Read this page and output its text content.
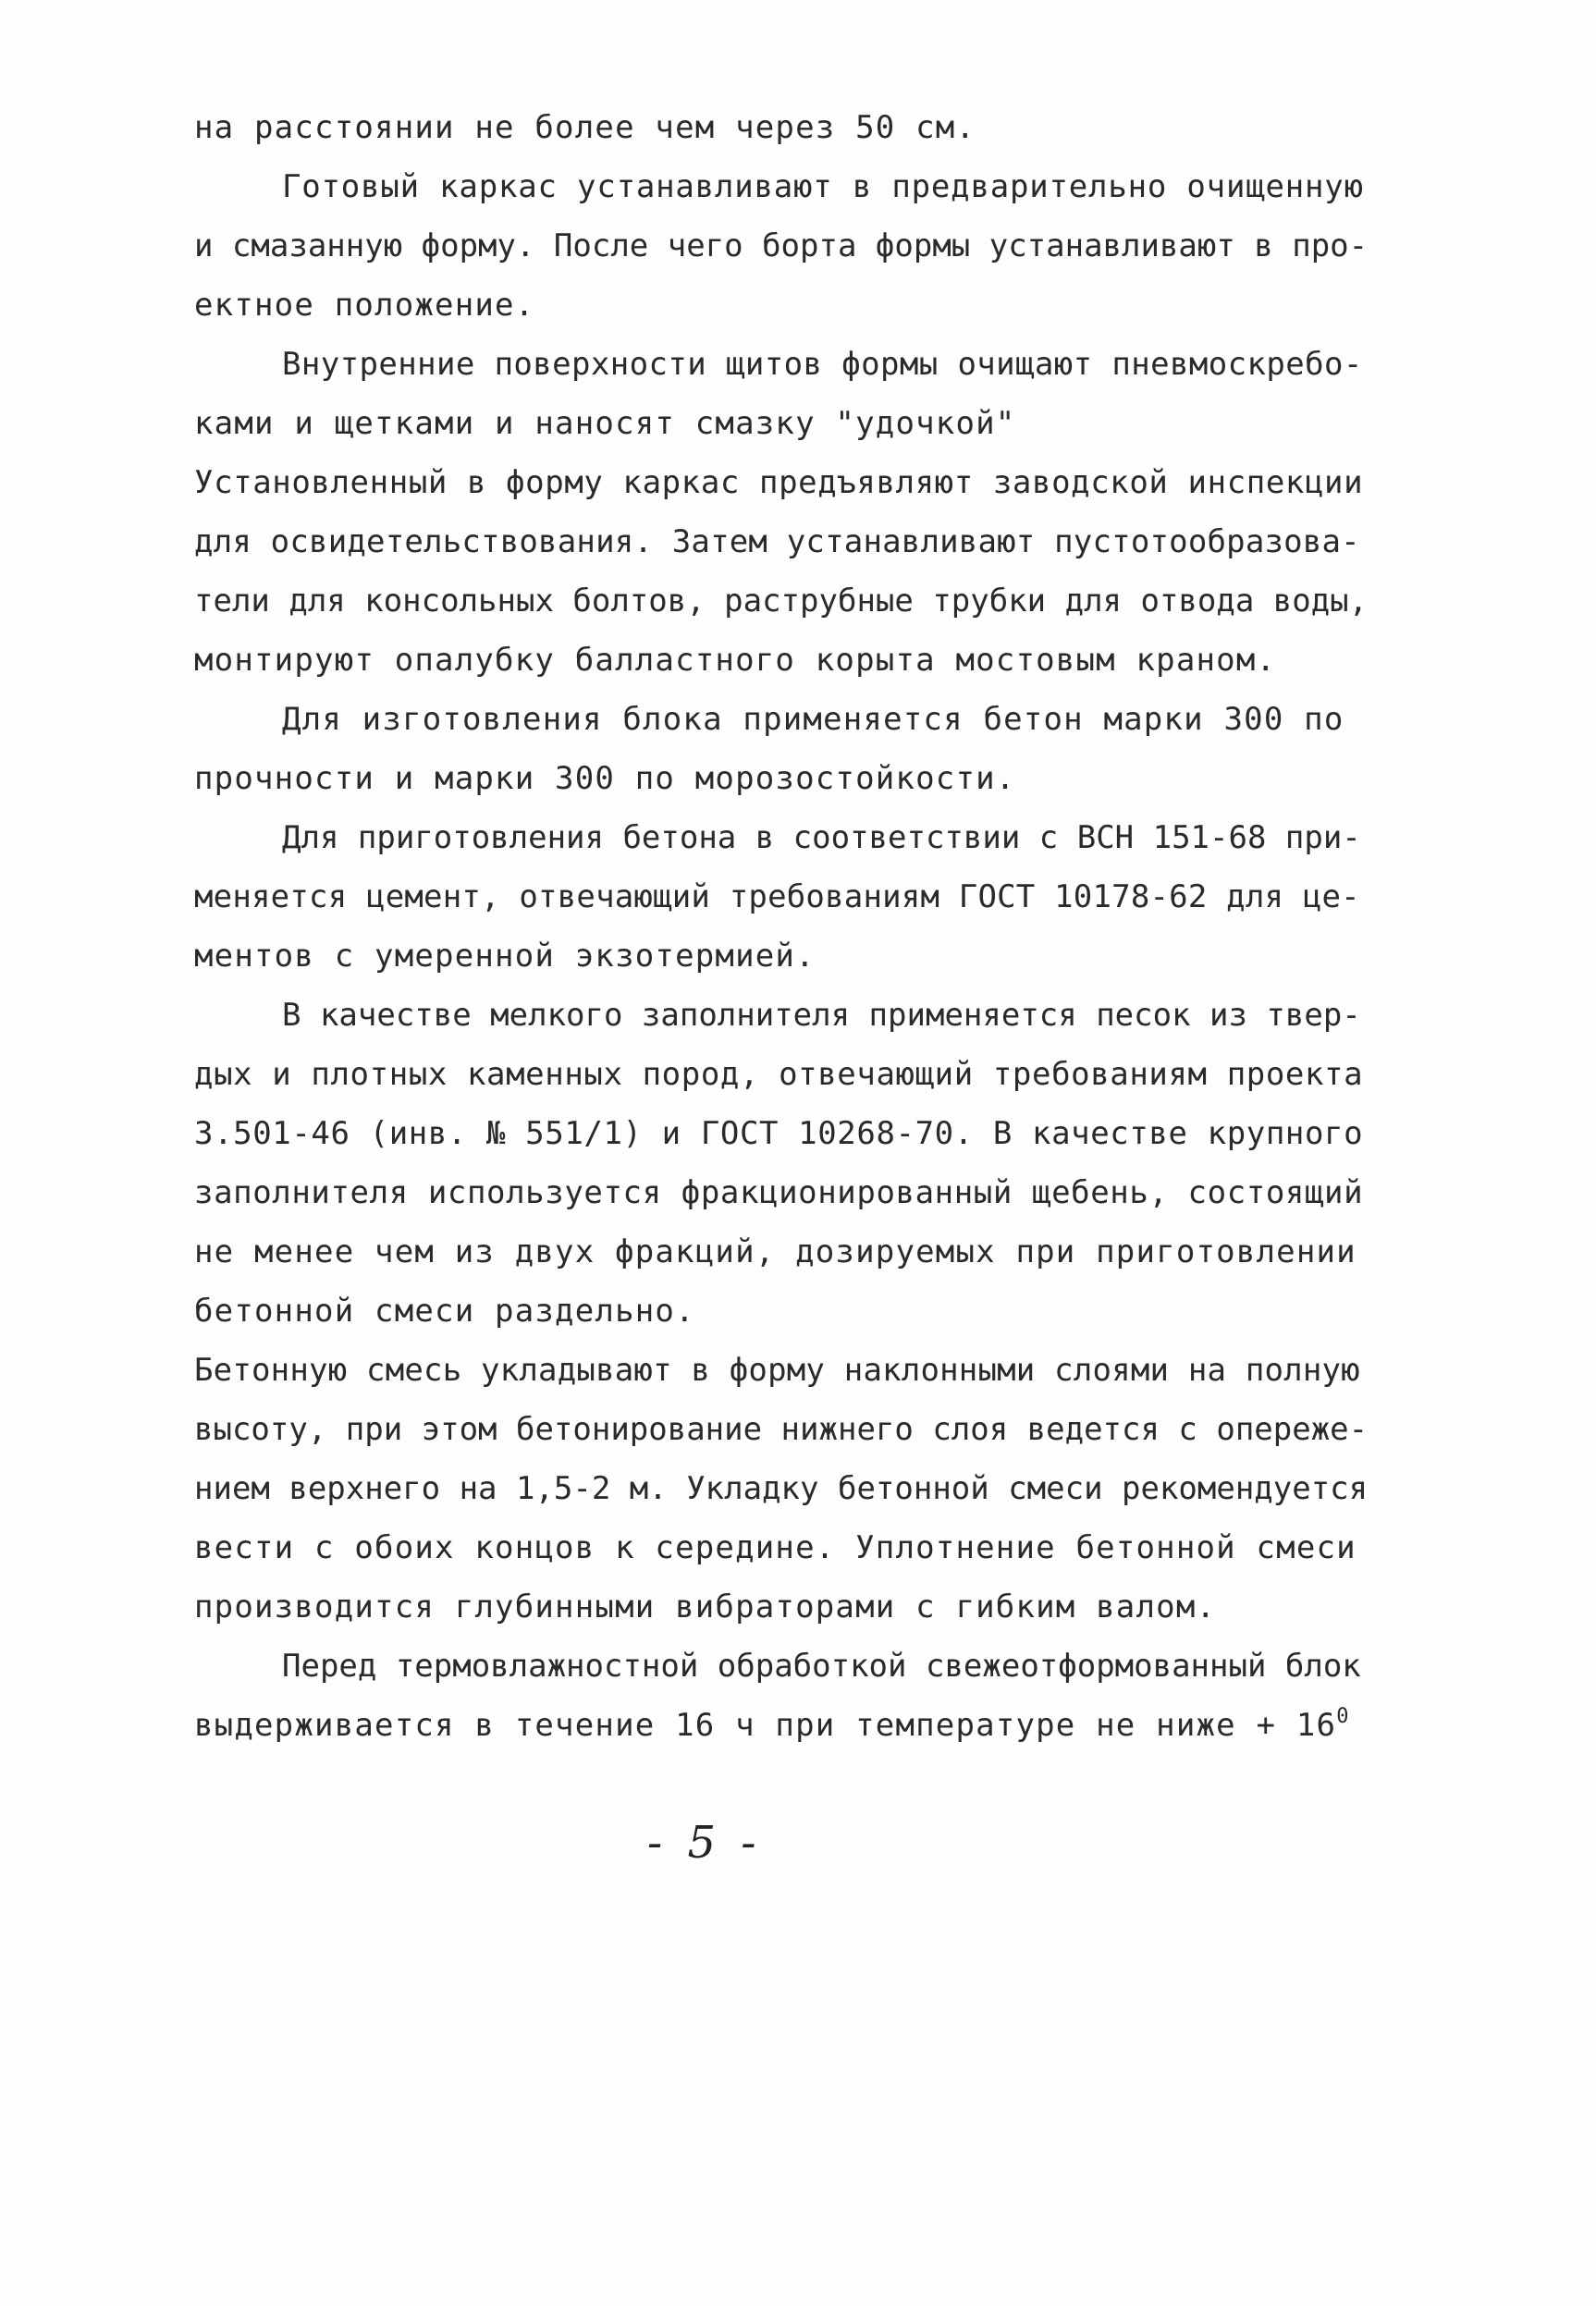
на расстоянии не более чем через 50 см.
Готовый каркас устанавливают в предварительно очищенную
и смазанную форму. После чего борта формы устанавливают в про-
ектное положение.
Внутренние поверхности щитов формы очищают пневмоскребо-
ками и щетками и наносят смазку "удочкой"
Установленный в форму каркас предъявляют заводской инспекции
для освидетельствования. Затем устанавливают пустотообразова-
тели для консольных болтов, раструбные трубки для отвода воды,
монтируют опалубку балластного корыта мостовым краном.
Для изготовления блока применяется бетон марки 300 по
прочности и марки 300 по морозостойкости.
Для приготовления бетона в соответствии с ВСН 151-68 при-
меняется цемент, отвечающий требованиям ГОСТ 10178-62 для це-
ментов с умеренной экзотермией.
В качестве мелкого заполнителя применяется песок из твер-
дых и плотных каменных пород, отвечающий требованиям проекта
3.501-46 (инв. № 551/1) и ГОСТ 10268-70. В качестве крупного
заполнителя используется фракционированный щебень, состоящий
не менее чем из двух фракций, дозируемых при приготовлении
бетонной смеси раздельно.
Бетонную смесь укладывают в форму наклонными слоями на полную
высоту, при этом бетонирование нижнего слоя ведется с опереже-
нием верхнего на 1,5-2 м. Укладку бетонной смеси рекомендуется
вести с обоих концов к середине. Уплотнение бетонной смеси
производится глубинными вибраторами с гибким валом.
Перед термовлажностной обработкой свежеотформованный блок
выдерживается в течение 16 ч при температуре не ниже + $16^0$
- 5 -
